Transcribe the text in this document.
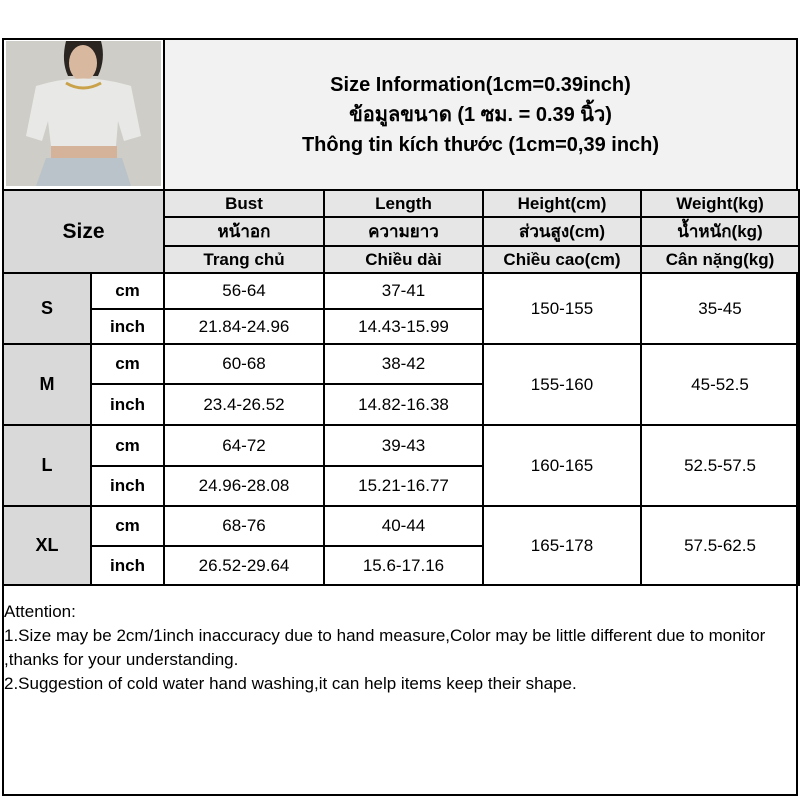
Size Information(1cm=0.39inch)
ข้อมูลขนาด (1 ซม. = 0.39 นิ้ว)
Thông tin kích thước (1cm=0,39 inch)
Size		Bust	Length	Height(cm)	Weight(kg)
		หน้าอก	ความยาว	ส่วนสูง(cm)	น้ำหนัก(kg)
		Trang chủ	Chiều dài	Chiều cao(cm)	Cân nặng(kg)
S	cm	56-64	37-41	150-155	35-45
	inch	21.84-24.96	14.43-15.99		
M	cm	60-68	38-42	155-160	45-52.5
	inch	23.4-26.52	14.82-16.38		
L	cm	64-72	39-43	160-165	52.5-57.5
	inch	24.96-28.08	15.21-16.77		
XL	cm	68-76	40-44	165-178	57.5-62.5
	inch	26.52-29.64	15.6-17.16		

Attention:

1.Size may be 2cm/1inch inaccuracy due to hand measure,Color may be little different due to monitor ,thanks for your understanding.

2.Suggestion of cold water hand washing,it can help items keep their shape.
